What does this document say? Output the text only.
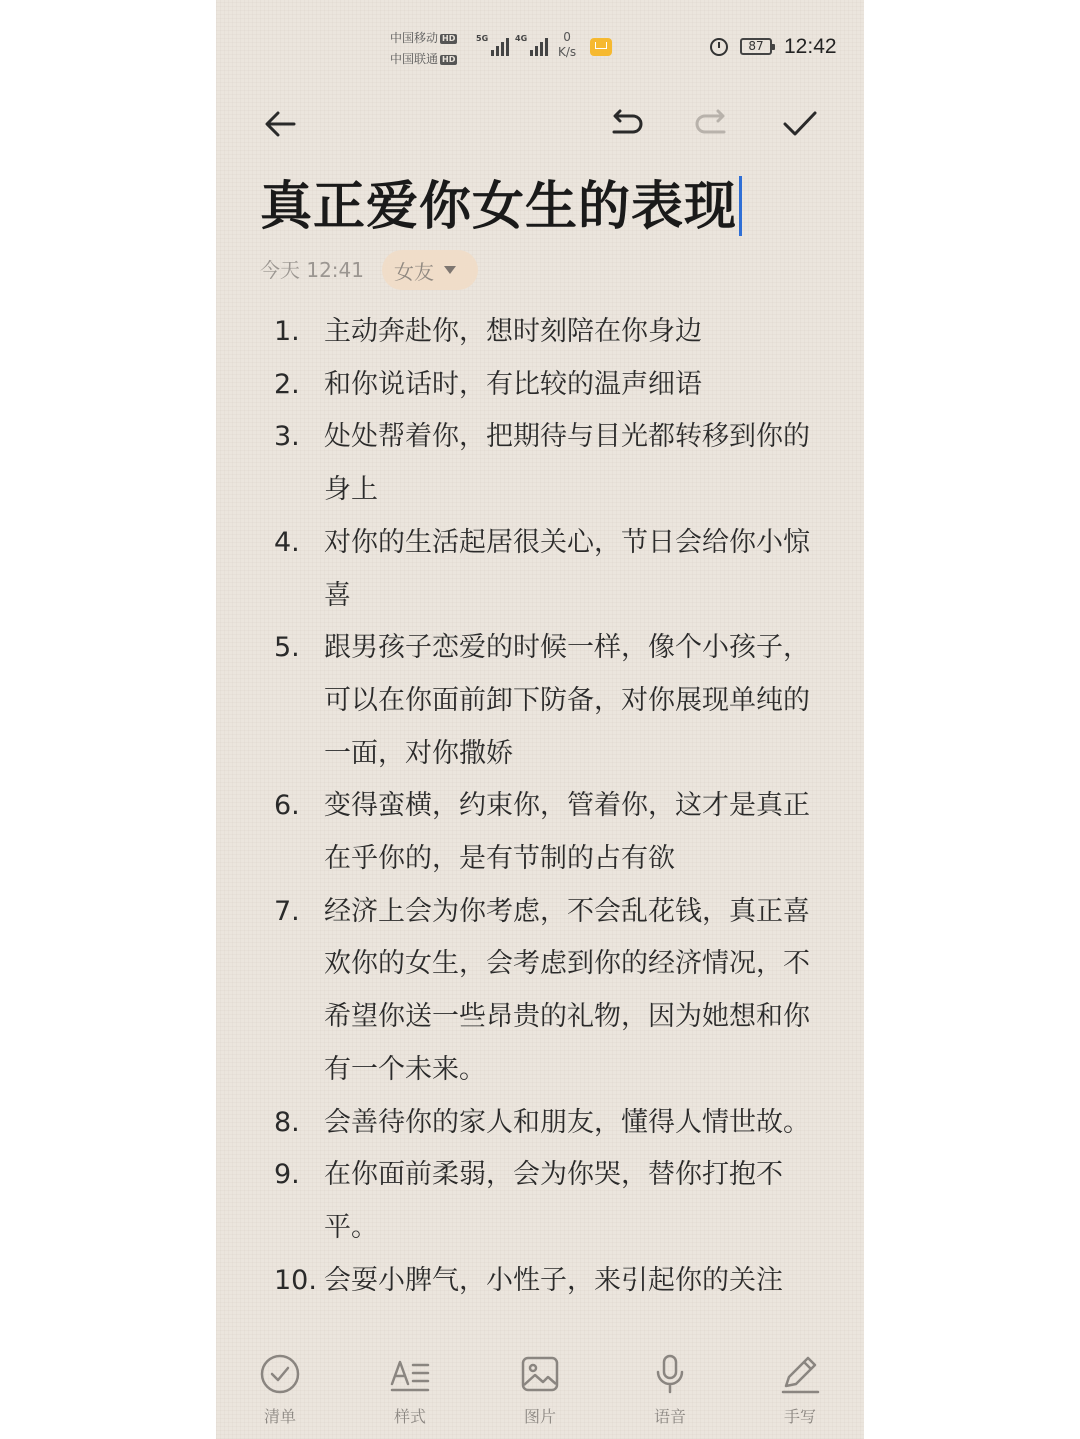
中国移动 HD
中国联通 HD
5G	4G	0
K/s	87 12:42
真正爱你女生的表现
今天 12:41 女友
1. 主动奔赴你，想时刻陪在你身边
2. 和你说话时，有比较的温声细语
3. 处处帮着你，把期待与目光都转移到你的身上
4. 对你的生活起居很关心，节日会给你小惊喜
5. 跟男孩子恋爱的时候一样，像个小孩子，可以在你面前卸下防备，对你展现单纯的一面，对你撒娇
6. 变得蛮横，约束你，管着你，这才是真正在乎你的，是有节制的占有欲
7. 经济上会为你考虑，不会乱花钱，真正喜欢你的女生，会考虑到你的经济情况，不希望你送一些昂贵的礼物，因为她想和你有一个未来。
8. 会善待你的家人和朋友，懂得人情世故。
9. 在你面前柔弱，会为你哭，替你打抱不平。
10. 会耍小脾气，小性子，来引起你的关注
清单	样式	图片	语音	手写
